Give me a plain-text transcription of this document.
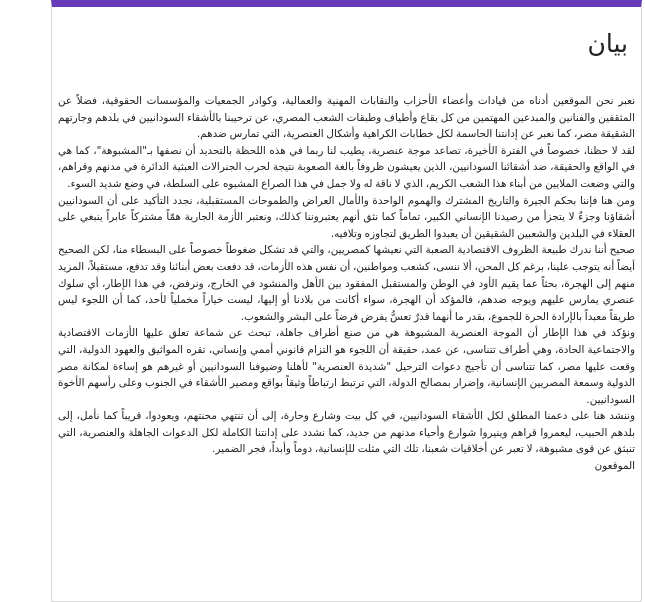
بيان

نعبر نحن الموقعين أدناه من قيادات وأعضاء الأحزاب والنقابات المهنية والعمالية، وكوادر الجمعيات والمؤسسات الحقوقية، فضلاً عن المثقفين والفنانين والمبدعين المهتمين من كل بقاع وأطياف وطبقات الشعب المصري، عن ترحيبنا بالأشقاء السودانيين في بلدهم وجارتهم الشقيقة مصر، كما نعبر عن إدانتنا الحاسمة لكل خطابات الكراهية وأشكال العنصرية، التي تمارس ضدهم.

لقد لا حظنا، خصوصاً في الفترة الأخيرة، تصاعد موجة عنصرية، يطيب لنا ربما في هذه اللحظة بالتحديد أن نصفها بـ"المشبوهة"، كما هي في الواقع والحقيقة، ضد أشقائنا السودانيين، الذين يعيشون ظروفاً بالغة الصعوبة نتيجة لحرب الجنرالات العبثية الدائرة في مدنهم وقراهم، والتي وضعت الملايين من أبناء هذا الشعب الكريم، الذي لا ناقة له ولا جمل في هذا الصراع المشبوه على السلطة، في وضع شديد السوء.

ومن هنا فإننا بحكم الجيرة والتاريخ المشترك والهموم الواحدة والأمال العراض والطموحات المستقبلية، نجدد التأكيد على أن السودانيين أشقاؤنا وجزءٌ لا يتجزأ من رصيدنا الإنساني الكبير، تماماً كما نثق أنهم يعتبروننا كذلك، ونعتبر الأزمة الجارية همّاً مشتركاً عابراً ينبغي على العقلاء في البلدين والشعبين الشقيقين أن يعبدوا الطريق لتجاوزه وتلافيه.

صحيح أننا ندرك طبيعة الظروف الاقتصادية الصعبة التي نعيشها كمصريين، والتي قد تشكل ضغوطاً خصوصاً على البسطاء منا، لكن الصحيح أيضاً أنه يتوجب علينا، برغم كل المحن، ألا ننسى، كشعب ومواطنين، أن نفس هذه الأزمات، قد دفعت بعض أبنائنا وقد تدفع، مستقبلاً، المزيد منهم إلى الهجرة، بحثاً عما يقيم الأود في الوطن والمستقبل المفقود بين الأهل والمنشود في الخارج، ونرفض، في هذا الإطار، أي سلوك عنصري يمارس عليهم ويوجه ضدهم، فالمؤكد أن الهجرة، سواء أكانت من بلادنا أو إليها، ليست خياراً مخملياً لأحد، كما أن اللجوء ليس طريقاً معبداً بالإرادة الحرة للجموع، بقدر ما أنهما قدرٌ تعسُّ يفرض فرضاً على البشر والشعوب.

ونؤكد في هذا الإطار أن الموجة العنصرية المشبوهة هي من صنع أطراف جاهلة، تبحث عن شماعة تعلق عليها الأزمات الاقتصادية والاجتماعية الحادة، وهي أطراف تتناسى، عن عمد، حقيقة أن اللجوء هو التزام قانوني أممي وإنساني، تقره المواثيق والعهود الدولية، التي وقعت عليها مصر، كما تتناسى أن تأجيج دعوات الترحيل "شديدة العنصرية" لأهلنا وضيوفنا السودانيين أو غيرهم هو إساءة لمكانة مصر الدولية وسمعة المصريين الإنسانية، وإضرار بمصالح الدولة، التي ترتبط ارتباطاً وثيقاً بواقع ومصير الأشقاء في الجنوب وعلى رأسهم الأخوة السودانيين.

وننشد هنا على دعمنا المطلق لكل الأشقاء السودانيين، في كل بيت وشارع وحارة، إلى أن تنتهي محنتهم، ويعودوا، قريباً كما نأمل، إلى بلدهم الحبيب، ليعمروا قراهم وينيروا شوارع وأحياء مدنهم من جديد، كما نشدد على إدانتنا الكاملة لكل الدعوات الجاهلة والعنصرية، التي تنبثق عن قوى مشبوهة، لا تعبر عن أخلاقيات شعبنا، تلك التي مثلت للإنسانية، دوماً وأبداً، فجر الضمير.

الموقعون
